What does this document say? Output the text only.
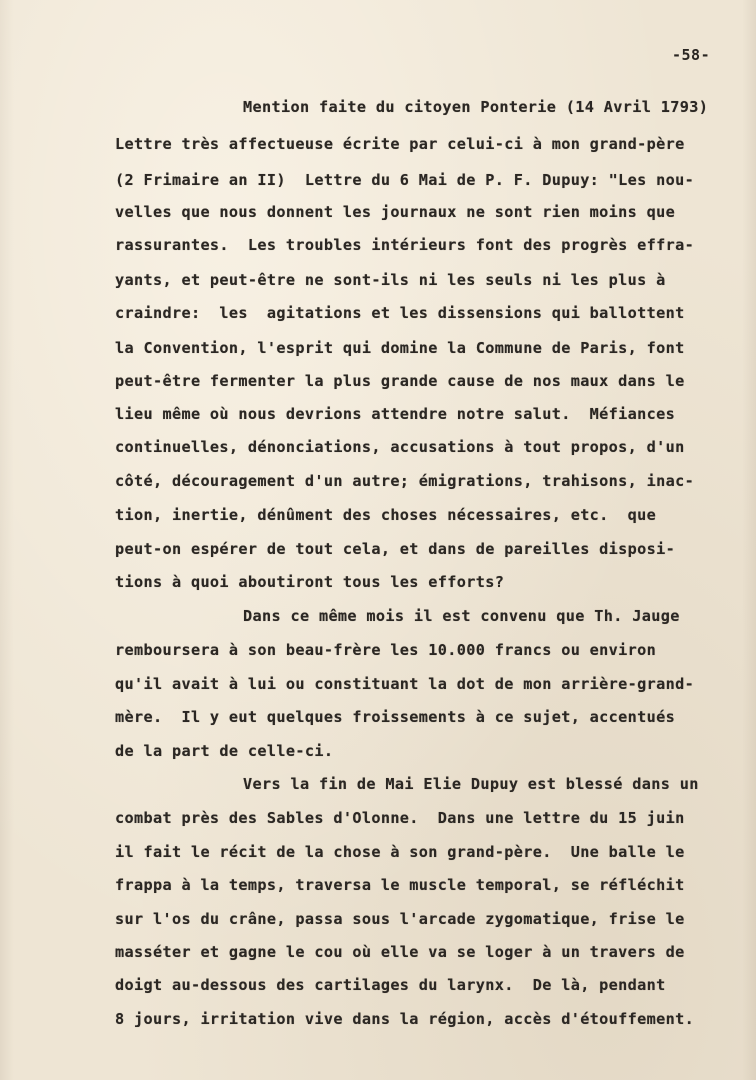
-58-
Mention faite du citoyen Ponterie (14 Avril 1793)
Lettre très affectueuse écrite par celui-ci à mon grand-père
(2 Frimaire an II)  Lettre du 6 Mai de P. F. Dupuy: "Les nou-
velles que nous donnent les journaux ne sont rien moins que
rassurantes.  Les troubles intérieurs font des progrès effra-
yants, et peut-être ne sont-ils ni les seuls ni les plus à
craindre:  les  agitations et les dissensions qui ballottent
la Convention, l'esprit qui domine la Commune de Paris, font
peut-être fermenter la plus grande cause de nos maux dans le
lieu même où nous devrions attendre notre salut.  Méfiances
continuelles, dénonciations, accusations à tout propos, d'un
côté, découragement d'un autre; émigrations, trahisons, inac-
tion, inertie, dénûment des choses nécessaires, etc.  que
peut-on espérer de tout cela, et dans de pareilles disposi-
tions à quoi aboutiront tous les efforts?
Dans ce même mois il est convenu que Th. Jauge
remboursera à son beau-frère les 10.000 francs ou environ
qu'il avait à lui ou constituant la dot de mon arrière-grand-
mère.  Il y eut quelques froissements à ce sujet, accentués
de la part de celle-ci.
Vers la fin de Mai Elie Dupuy est blessé dans un
combat près des Sables d'Olonne.  Dans une lettre du 15 juin
il fait le récit de la chose à son grand-père.  Une balle le
frappa à la temps, traversa le muscle temporal, se réfléchit
sur l'os du crâne, passa sous l'arcade zygomatique, frise le
masséter et gagne le cou où elle va se loger à un travers de
doigt au-dessous des cartilages du larynx.  De là, pendant
8 jours, irritation vive dans la région, accès d'étouffement.
